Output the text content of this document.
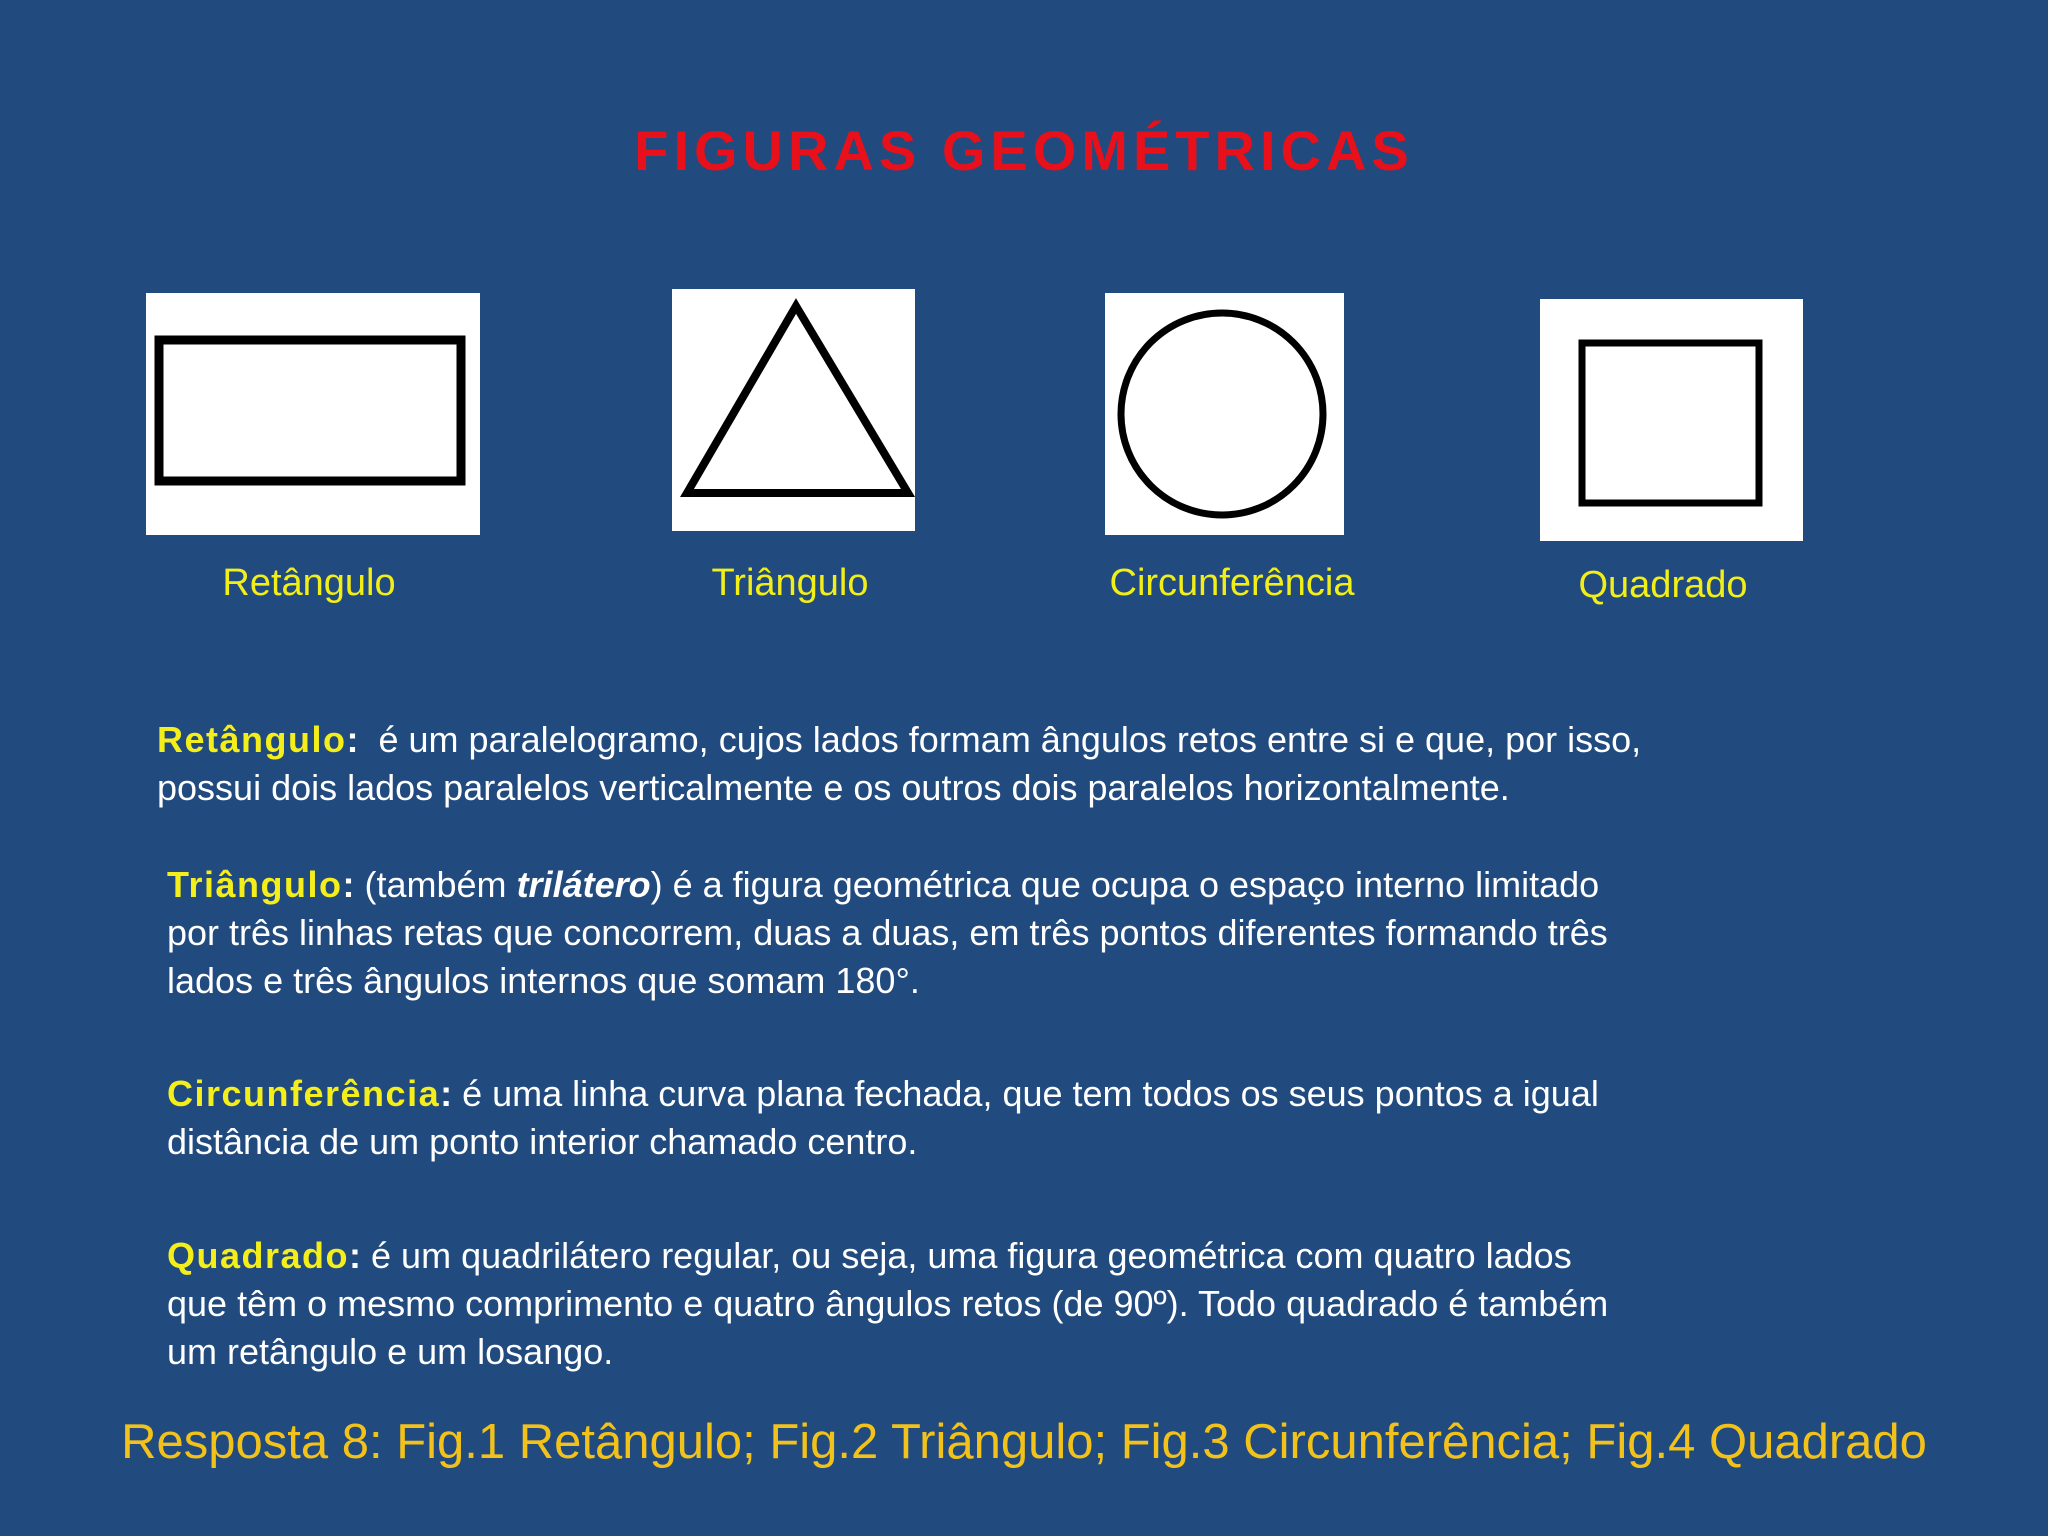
FIGURAS GEOMÉTRICAS
Retângulo	Triângulo	Circunferência	Quadrado
Retângulo: é um paralelogramo, cujos lados formam ângulos retos entre si e que, por isso,
possui dois lados paralelos verticalmente e os outros dois paralelos horizontalmente.
Triângulo: (também trilátero) é a figura geométrica que ocupa o espaço interno limitado
por três linhas retas que concorrem, duas a duas, em três pontos diferentes formando três
lados e três ângulos internos que somam 180°.
Circunferência: é uma linha curva plana fechada, que tem todos os seus pontos a igual
distância de um ponto interior chamado centro.
Quadrado: é um quadrilátero regular, ou seja, uma figura geométrica com quatro lados
que têm o mesmo comprimento e quatro ângulos retos (de 90º). Todo quadrado é também
um retângulo e um losango.
Resposta 8: Fig.1 Retângulo; Fig.2 Triângulo; Fig.3 Circunferência; Fig.4 Quadrado
